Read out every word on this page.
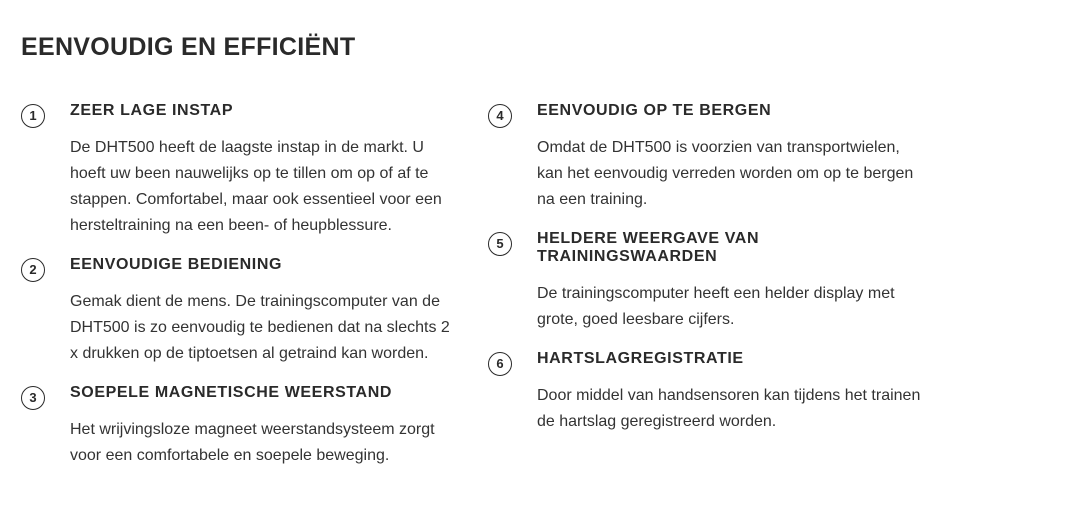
EENVOUDIG EN EFFICIËNT
1	ZEER LAGE INSTAP

De DHT500 heeft de laagste instap in de markt. U hoeft uw been nauwelijks op te tillen om op of af te stappen. Comfortabel, maar ook essentieel voor een hersteltraining na een been- of heupblessure.

2	EENVOUDIGE BEDIENING

Gemak dient de mens. De trainingscomputer van de DHT500 is zo eenvoudig te bedienen dat na slechts 2 x drukken op de tiptoetsen al getraind kan worden.

3	SOEPELE MAGNETISCHE WEERSTAND

Het wrijvingsloze magneet weerstandsysteem zorgt voor een comfortabele en soepele beweging.

4	EENVOUDIG OP TE BERGEN

Omdat de DHT500 is voorzien van transportwielen, kan het eenvoudig verreden worden om op te bergen na een training.

5	HELDERE WEERGAVE VAN TRAININGSWAARDEN

De trainingscomputer heeft een helder display met grote, goed leesbare cijfers.

6	HARTSLAGREGISTRATIE

Door middel van handsensoren kan tijdens het trainen de hartslag geregistreerd worden.
